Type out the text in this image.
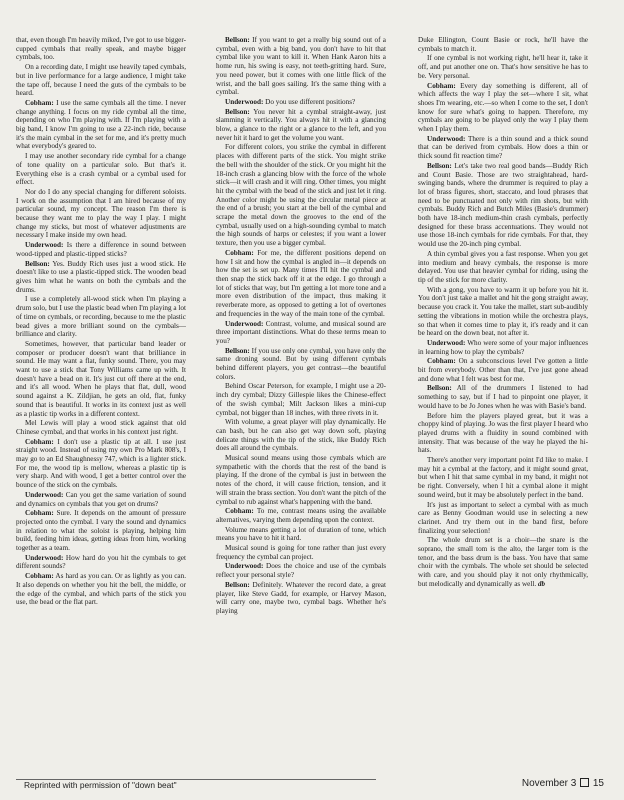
that, even though I'm heavily miked, I've got to use bigger-cupped cymbals that really speak, and maybe bigger cymbals, too.

On a recording date, I might use heavily taped cymbals, but in live performance for a large audience, I might take the tape off, because I need the guts of the cymbals to be heard.

Cobham: I use the same cymbals all the time. I never change anything. I focus on my ride cymbal all the time, depending on who I'm playing with. If I'm playing with a big band, I know I'm going to use a 22-inch ride, because it's the main cymbal in the set for me, and it's pretty much what everybody's geared to.

I may use another secondary ride cymbal for a change of tone quality on a particular solo. But that's it. Everything else is a crash cymbal or a cymbal used for effect.

Nor do I do any special changing for different soloists. I work on the assumption that I am hired because of my particular sound, my concept. The reason I'm there is because they want me to play the way I play. I might change my sticks, but most of whatever adjustments are necessary I make inside my own head.

Underwood: Is there a difference in sound between wood-tipped and plastic-tipped sticks?

Bellson: Yes. Buddy Rich uses just a wood stick. He doesn't like to use a plastic-tipped stick. The wooden bead gives him what he wants on both the cymbals and the drums.

I use a completely all-wood stick when I'm playing a drum solo, but I use the plastic bead when I'm playing a lot of time on cymbals, or recording, because to me the plastic bead gives a more brilliant sound on the cymbals—brilliance and clarity.

Sometimes, however, that particular band leader or composer or producer doesn't want that brilliance in sound. He may want a flat, funky sound. There, you may want to use a stick that Tony Williams came up with. It doesn't have a bead on it. It's just cut off there at the end, and it's all wood. When he plays that flat, dull, wood sound against a K. Zildjian, he gets an old, flat, funky sound that is beautiful. It works in its context just as well as a plastic tip works in a different context.

Mel Lewis will play a wood stick against that old Chinese cymbal, and that works in his context just right.

Cobham: I don't use a plastic tip at all. I use just straight wood. Instead of using my own Pro Mark 808's, I may go to an Ed Shaughnessy 747, which is a lighter stick. For me, the wood tip is mellow, whereas a plastic tip is very sharp. And with wood, I get a better control over the bounce of the stick on the cymbals.

Underwood: Can you get the same variation of sound and dynamics on cymbals that you get on drums?

Cobham: Sure. It depends on the amount of pressure projected onto the cymbal. I vary the sound and dynamics in relation to what the soloist is playing, helping him build, feeding him ideas, getting ideas from him, working together as a team.

Underwood: How hard do you hit the cymbals to get different sounds?

Cobham: As hard as you can. Or as lightly as you can. It also depends on whether you hit the bell, the middle, or the edge of the cymbal, and which parts of the stick you use, the bead or the flat part.

Bellson: If you want to get a really big sound out of a cymbal, even with a big band, you don't have to hit that cymbal like you want to kill it. When Hank Aaron hits a home run, his swing is easy, not teeth-gritting hard. Sure, you need power, but it comes with one little flick of the wrist, and the ball goes sailing. It's the same thing with a cymbal.

Underwood: Do you use different positions?

Bellson: You never hit a cymbal straight-away, just slamming it vertically. You always hit it with a glancing blow, a glance to the right or a glance to the left, and you never hit it hard to get the volume you want.

For different colors, you strike the cymbal in different places with different parts of the stick. You might strike the bell with the shoulder of the stick. Or you might hit the 18-inch crash a glancing blow with the force of the whole stick—it will crash and it will ring. Other times, you might hit the cymbal with the bead of the stick and just let it ring. Another color might be using the circular metal piece at the end of a brush; you start at the bell of the cymbal and scrape the metal down the grooves to the end of the cymbal, usually used on a high-sounding cymbal to match the high sounds of harps or celestes; if you want a lower texture, then you use a bigger cymbal.

Cobham: For me, the different positions depend on how I sit and how the cymbal is angled in—it depends on how the set is set up. Many times I'll hit the cymbal and then snap the stick back off it at the edge. I go through a lot of sticks that way, but I'm getting a lot more tone and a more even distribution of the impact, thus making it reverberate more, as opposed to getting a lot of overtones and frequencies in the way of the main tone of the cymbal.

Underwood: Contrast, volume, and musical sound are three important distinctions. What do these terms mean to you?

Bellson: If you use only one cymbal, you have only the same droning sound. But by using different cymbals behind different players, you get contrast—the beautiful colors.

Behind Oscar Peterson, for example, I might use a 20-inch dry cymbal; Dizzy Gillespie likes the Chinese-effect of the swish cymbal; Milt Jackson likes a mini-cup cymbal, not bigger than 18 inches, with three rivets in it.

With volume, a great player will play dynamically. He can bash, but he can also get way down soft, playing delicate things with the tip of the stick, like Buddy Rich does all around the cymbals.

Musical sound means using those cymbals which are sympathetic with the chords that the rest of the band is playing. If the drone of the cymbal is just in between the notes of the chord, it will cause friction, tension, and it will strain the brass section. You don't want the pitch of the cymbal to rub against what's happening with the band.

Cobham: To me, contrast means using the available alternatives, varying them depending upon the context.

Volume means getting a lot of duration of tone, which means you have to hit it hard.

Musical sound is going for tone rather than just every frequency the cymbal can project.

Underwood: Does the choice and use of the cymbals reflect your personal style?

Bellson: Definitely. Whatever the record date, a great player, like Steve Gadd, for example, or Harvey Mason, will carry one, maybe two, cymbal bags. Whether he's playing

Duke Ellington, Count Basie or rock, he'll have the cymbals to match it.

If one cymbal is not working right, he'll hear it, take it off, and put another one on. That's how sensitive he has to be. Very personal.

Cobham: Every day something is different, all of which affects the way I play the set—where I sit, what shoes I'm wearing, etc.—so when I come to the set, I don't know for sure what's going to happen. Therefore, my cymbals are going to be played only the way I play them when I play them.

Underwood: There is a thin sound and a thick sound that can be derived from cymbals. How does a thin or thick sound fit reaction time?

Bellson: Let's take two real good bands—Buddy Rich and Count Basie. Those are two straightahead, hard-swinging bands, where the drummer is required to play a lot of brass figures, short, staccato, and loud phrases that need to be punctuated not only with rim shots, but with cymbals. Buddy Rich and Butch Miles (Basie's drummer) both have 18-inch medium-thin crash cymbals, perfectly designed for these brass accentuations. They would not use those 18-inch cymbals for ride cymbals. For that, they would use the 20-inch ping cymbal.

A thin cymbal gives you a fast response. When you get into medium and heavy cymbals, the response is more delayed. You use that heavier cymbal for riding, using the tip of the stick for more clarity.

With a gong, you have to warm it up before you hit it. You don't just take a mallet and hit the gong straight away, because you crack it. You take the mallet, start sub-audibly setting the vibrations in motion while the orchestra plays, so that when it comes time to play it, it's ready and it can be heard on the down beat, not after it.

Underwood: Who were some of your major influences in learning how to play the cymbals?

Cobham: On a subconscious level I've gotten a little bit from everybody. Other than that, I've just gone ahead and done what I felt was best for me.

Bellson: All of the drummers I listened to had something to say, but if I had to pinpoint one player, it would have to be Jo Jones when he was with Basie's band.

Before him the players played great, but it was a choppy kind of playing. Jo was the first player I heard who played drums with a fluidity in sound combined with intensity. That was because of the way he played the hi-hats.

There's another very important point I'd like to make. I may hit a cymbal at the factory, and it might sound great, but when I hit that same cymbal in my band, it might not be right. Conversely, when I hit a cymbal alone it might sound weird, but it may be absolutely perfect in the band.

It's just as important to select a cymbal with as much care as Benny Goodman would use in selecting a new clarinet. And try them out in the band first, before finalizing your selection!

The whole drum set is a choir—the snare is the soprano, the small tom is the alto, the larger tom is the tenor, and the bass drum is the bass. You have that same choir with the cymbals. The whole set should be selected with care, and you should play it not only rhythmically, but melodically and dynamically as well. db

Reprinted with permission of "down beat"	November 3 15
